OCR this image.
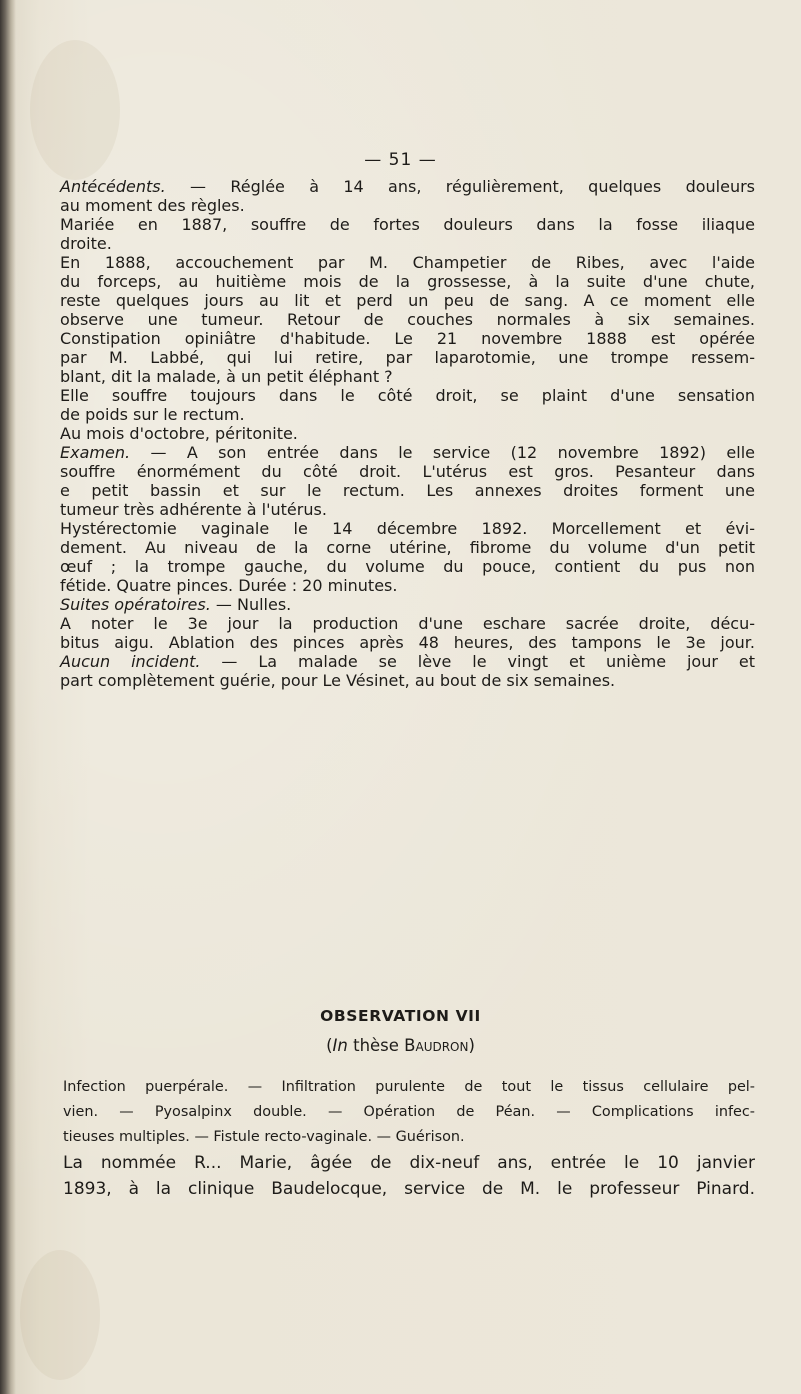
— 51 —
Antécédents. — Réglée à 14 ans, régulièrement, quelques douleurs
au moment des règles.
Mariée en 1887, souffre de fortes douleurs dans la fosse iliaque
droite.
En 1888, accouchement par M. Champetier de Ribes, avec l'aide
du forceps, au huitième mois de la grossesse, à la suite d'une chute,
reste quelques jours au lit et perd un peu de sang. A ce moment elle
observe une tumeur. Retour de couches normales à six semaines.
Constipation opiniâtre d'habitude. Le 21 novembre 1888 est opérée
par M. Labbé, qui lui retire, par laparotomie, une trompe ressem-
blant, dit la malade, à un petit éléphant ?
Elle souffre toujours dans le côté droit, se plaint d'une sensation
de poids sur le rectum.
Au mois d'octobre, péritonite.
Examen. — A son entrée dans le service (12 novembre 1892) elle
souffre énormément du côté droit. L'utérus est gros. Pesanteur dans
e petit bassin et sur le rectum. Les annexes droites forment une
tumeur très adhérente à l'utérus.
Hystérectomie vaginale le 14 décembre 1892. Morcellement et évi-
dement. Au niveau de la corne utérine, fibrome du volume d'un petit
œuf ; la trompe gauche, du volume du pouce, contient du pus non
fétide. Quatre pinces. Durée : 20 minutes.
Suites opératoires. — Nulles.
A noter le 3e jour la production d'une eschare sacrée droite, décu-
bitus aigu. Ablation des pinces après 48 heures, des tampons le 3e jour.
Aucun incident. — La malade se lève le vingt et unième jour et
part complètement guérie, pour Le Vésinet, au bout de six semaines.
OBSERVATION VII
(In thèse Baudron)
Infection puerpérale. — Infiltration purulente de tout le tissus cellulaire pel-
vien. — Pyosalpinx double. — Opération de Péan. — Complications infec-
tieuses multiples. — Fistule recto-vaginale. — Guérison.
La nommée R... Marie, âgée de dix-neuf ans, entrée le 10 janvier
1893, à la clinique Baudelocque, service de M. le professeur Pinard.
